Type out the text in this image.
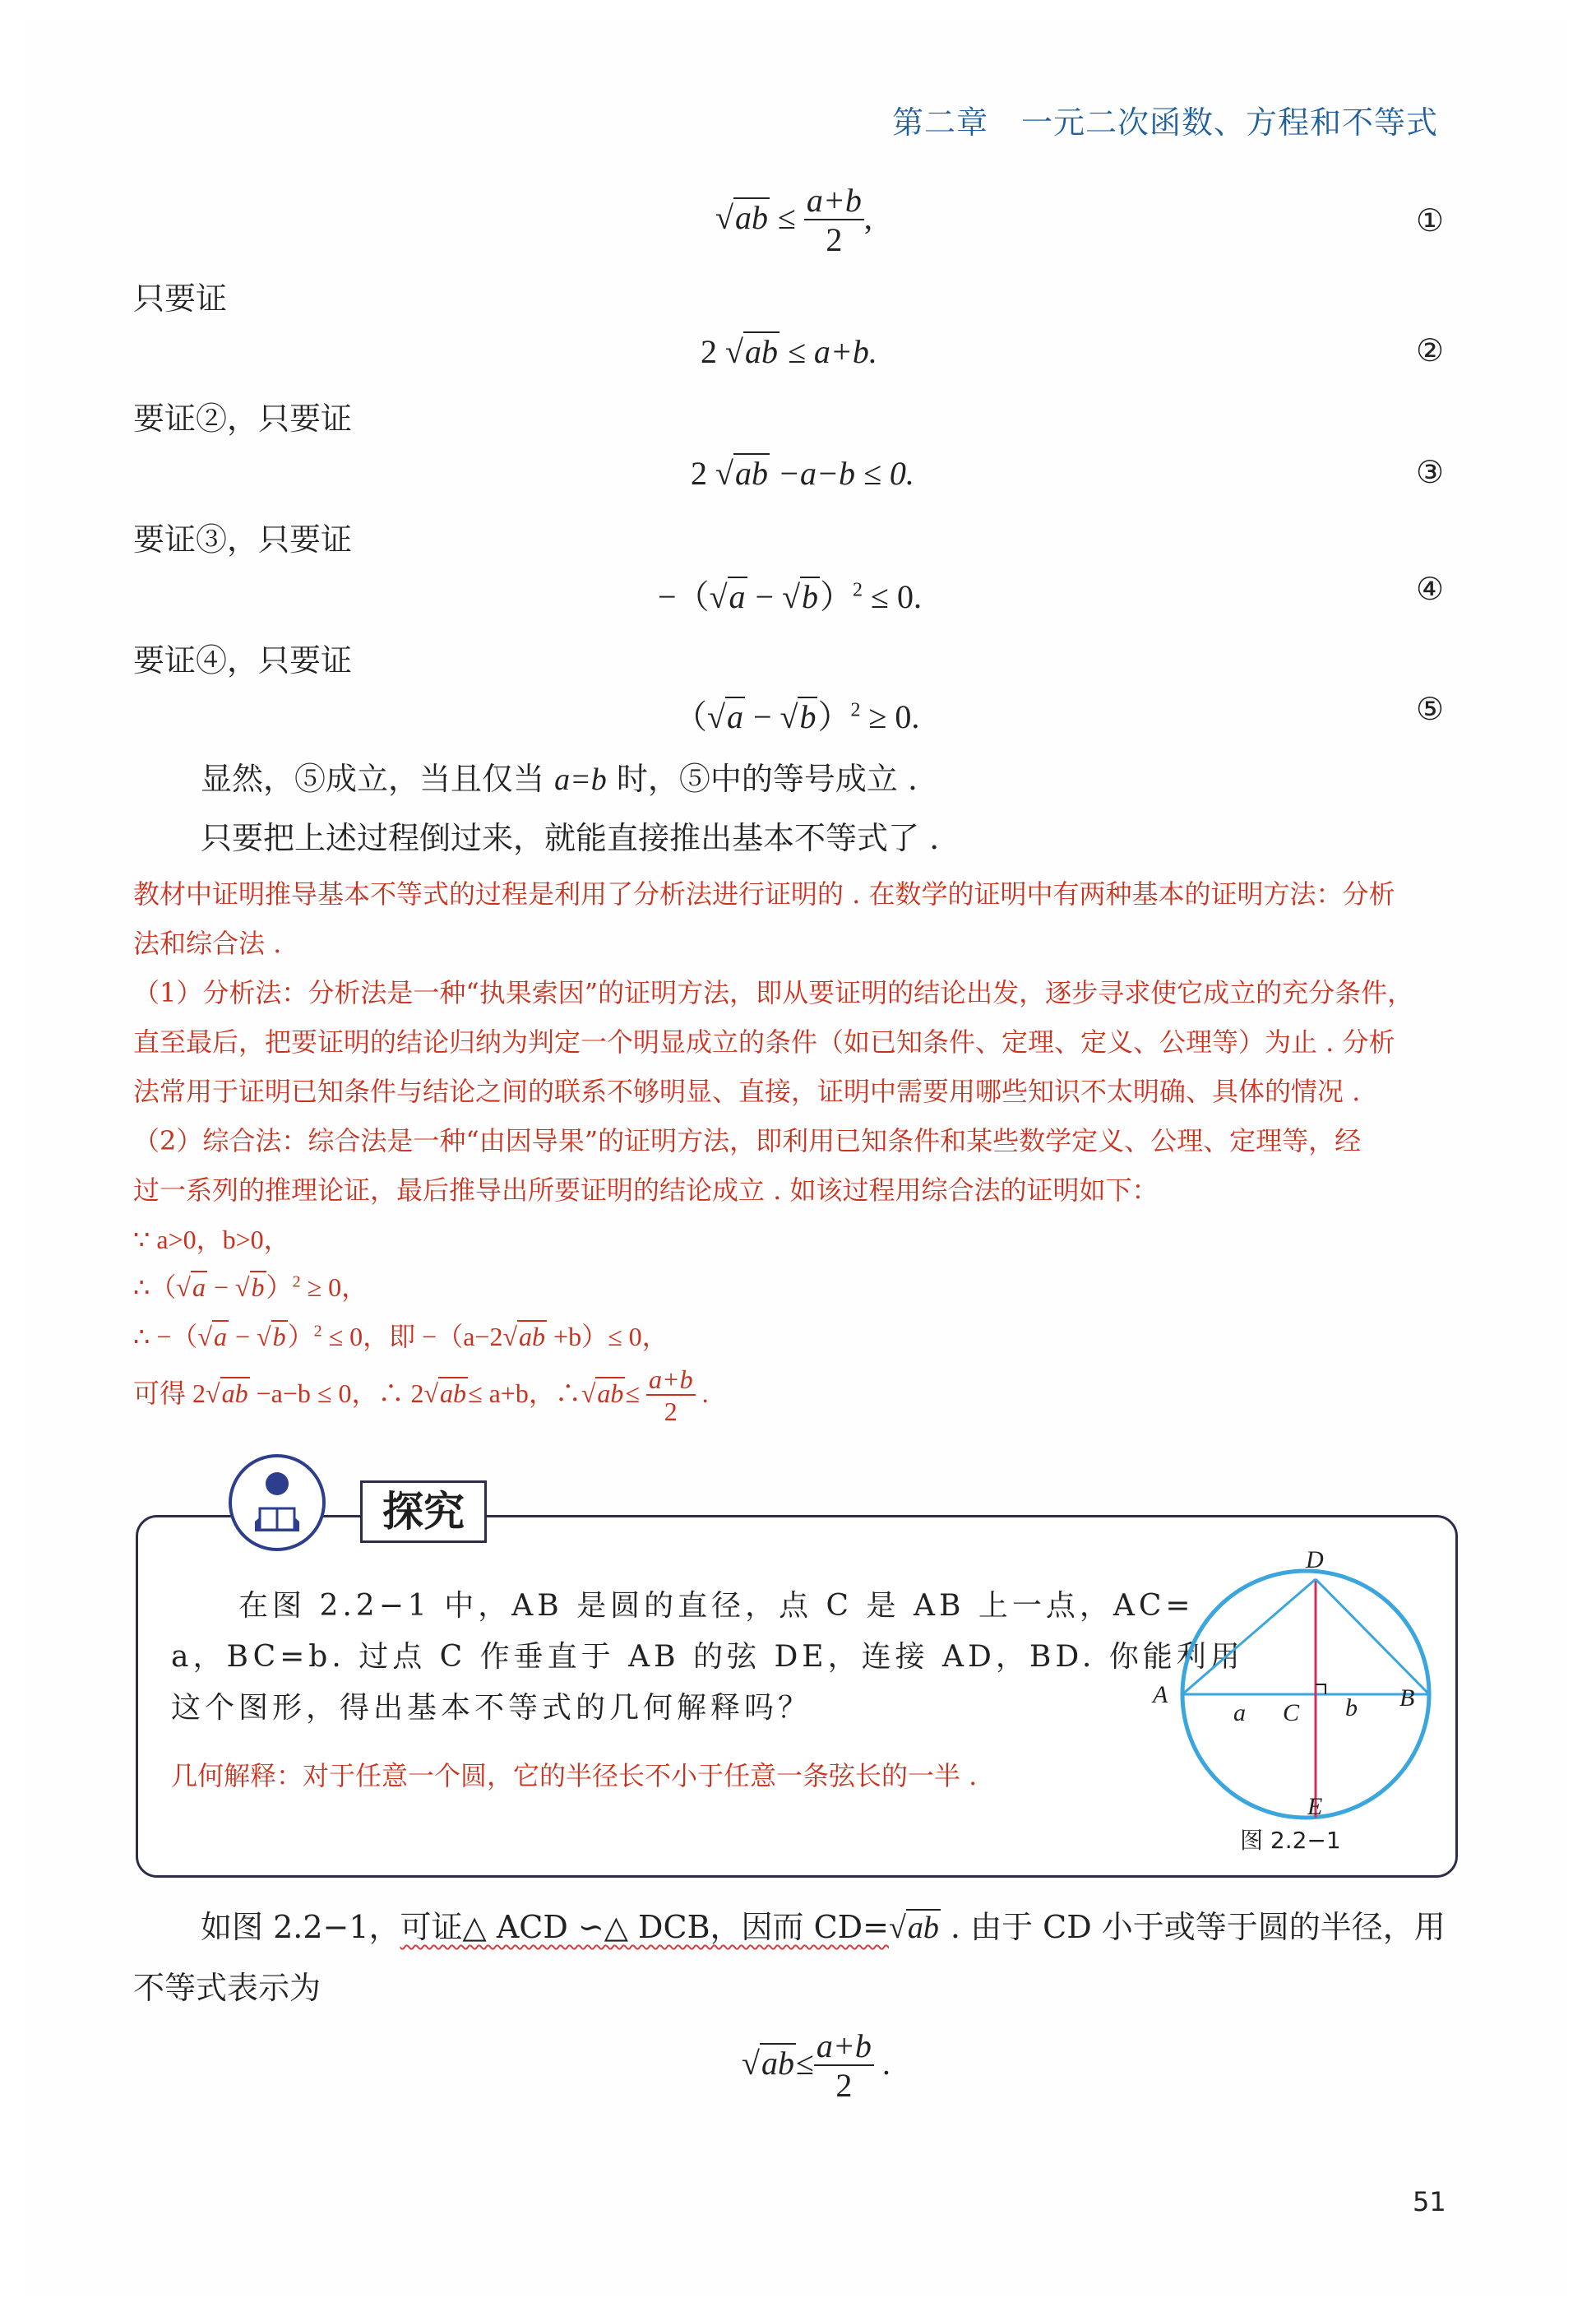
第二章 一元二次函数、方程和不等式
$√ab \le \frac{a+b}{2}$ ,	①
只要证
2 √ab ≤ a+b.	②
要证②，只要证
2 √ab −a−b ≤ 0.	③
要证③，只要证
$-(√a - √b)^2 \le 0$.	④
要证④，只要证
$(√a - √b)^2 \ge 0$.	⑤
显然，⑤成立，当且仅当 a=b 时，⑤中的等号成立 .
只要把上述过程倒过来，就能直接推出基本不等式了 .
教材中证明推导基本不等式的过程是利用了分析法进行证明的 . 在数学的证明中有两种基本的证明方法：分析
法和综合法 .
（1）分析法：分析法是一种“执果索因”的证明方法，即从要证明的结论出发，逐步寻求使它成立的充分条件，
直至最后，把要证明的结论归纳为判定一个明显成立的条件（如已知条件、定理、定义、公理等）为止 . 分析
法常用于证明已知条件与结论之间的联系不够明显、直接，证明中需要用哪些知识不太明确、具体的情况 .
（2）综合法：综合法是一种“由因导果”的证明方法，即利用已知条件和某些数学定义、公理、定理等，经
过一系列的推理论证，最后推导出所要证明的结论成立 . 如该过程用综合法的证明如下：
∵ a>0，b>0，
∴（√a − √b）$^2$ ≥ 0，
∴ $-(√a - √b)^2 \le 0$，即 −（a−2√ab +b）≤ 0，
可得 2√ab −a−b ≤ 0，∴ 2√ab≤ a+b，∴√ab≤ $\frac{a+b}{2}$ .
探究
在图 2.2−1 中，AB 是圆的直径，点 C 是 AB 上一点，AC=
a，BC=b. 过点 C 作垂直于 AB 的弦 DE，连接 AD，BD. 你能利用
这个图形，得出基本不等式的几何解释吗？
几何解释：对于任意一个圆，它的半径长不小于任意一条弦长的一半 .
D
A	B
C
a	b
E
图 2.2−1
如图 2.2−1，可证△ ACD ∽△ DCB，因而 CD=√ab . 由于 CD 小于或等于圆的半径，用
不等式表示为
$√ab\le \frac{a+b}{2}$ .
51
